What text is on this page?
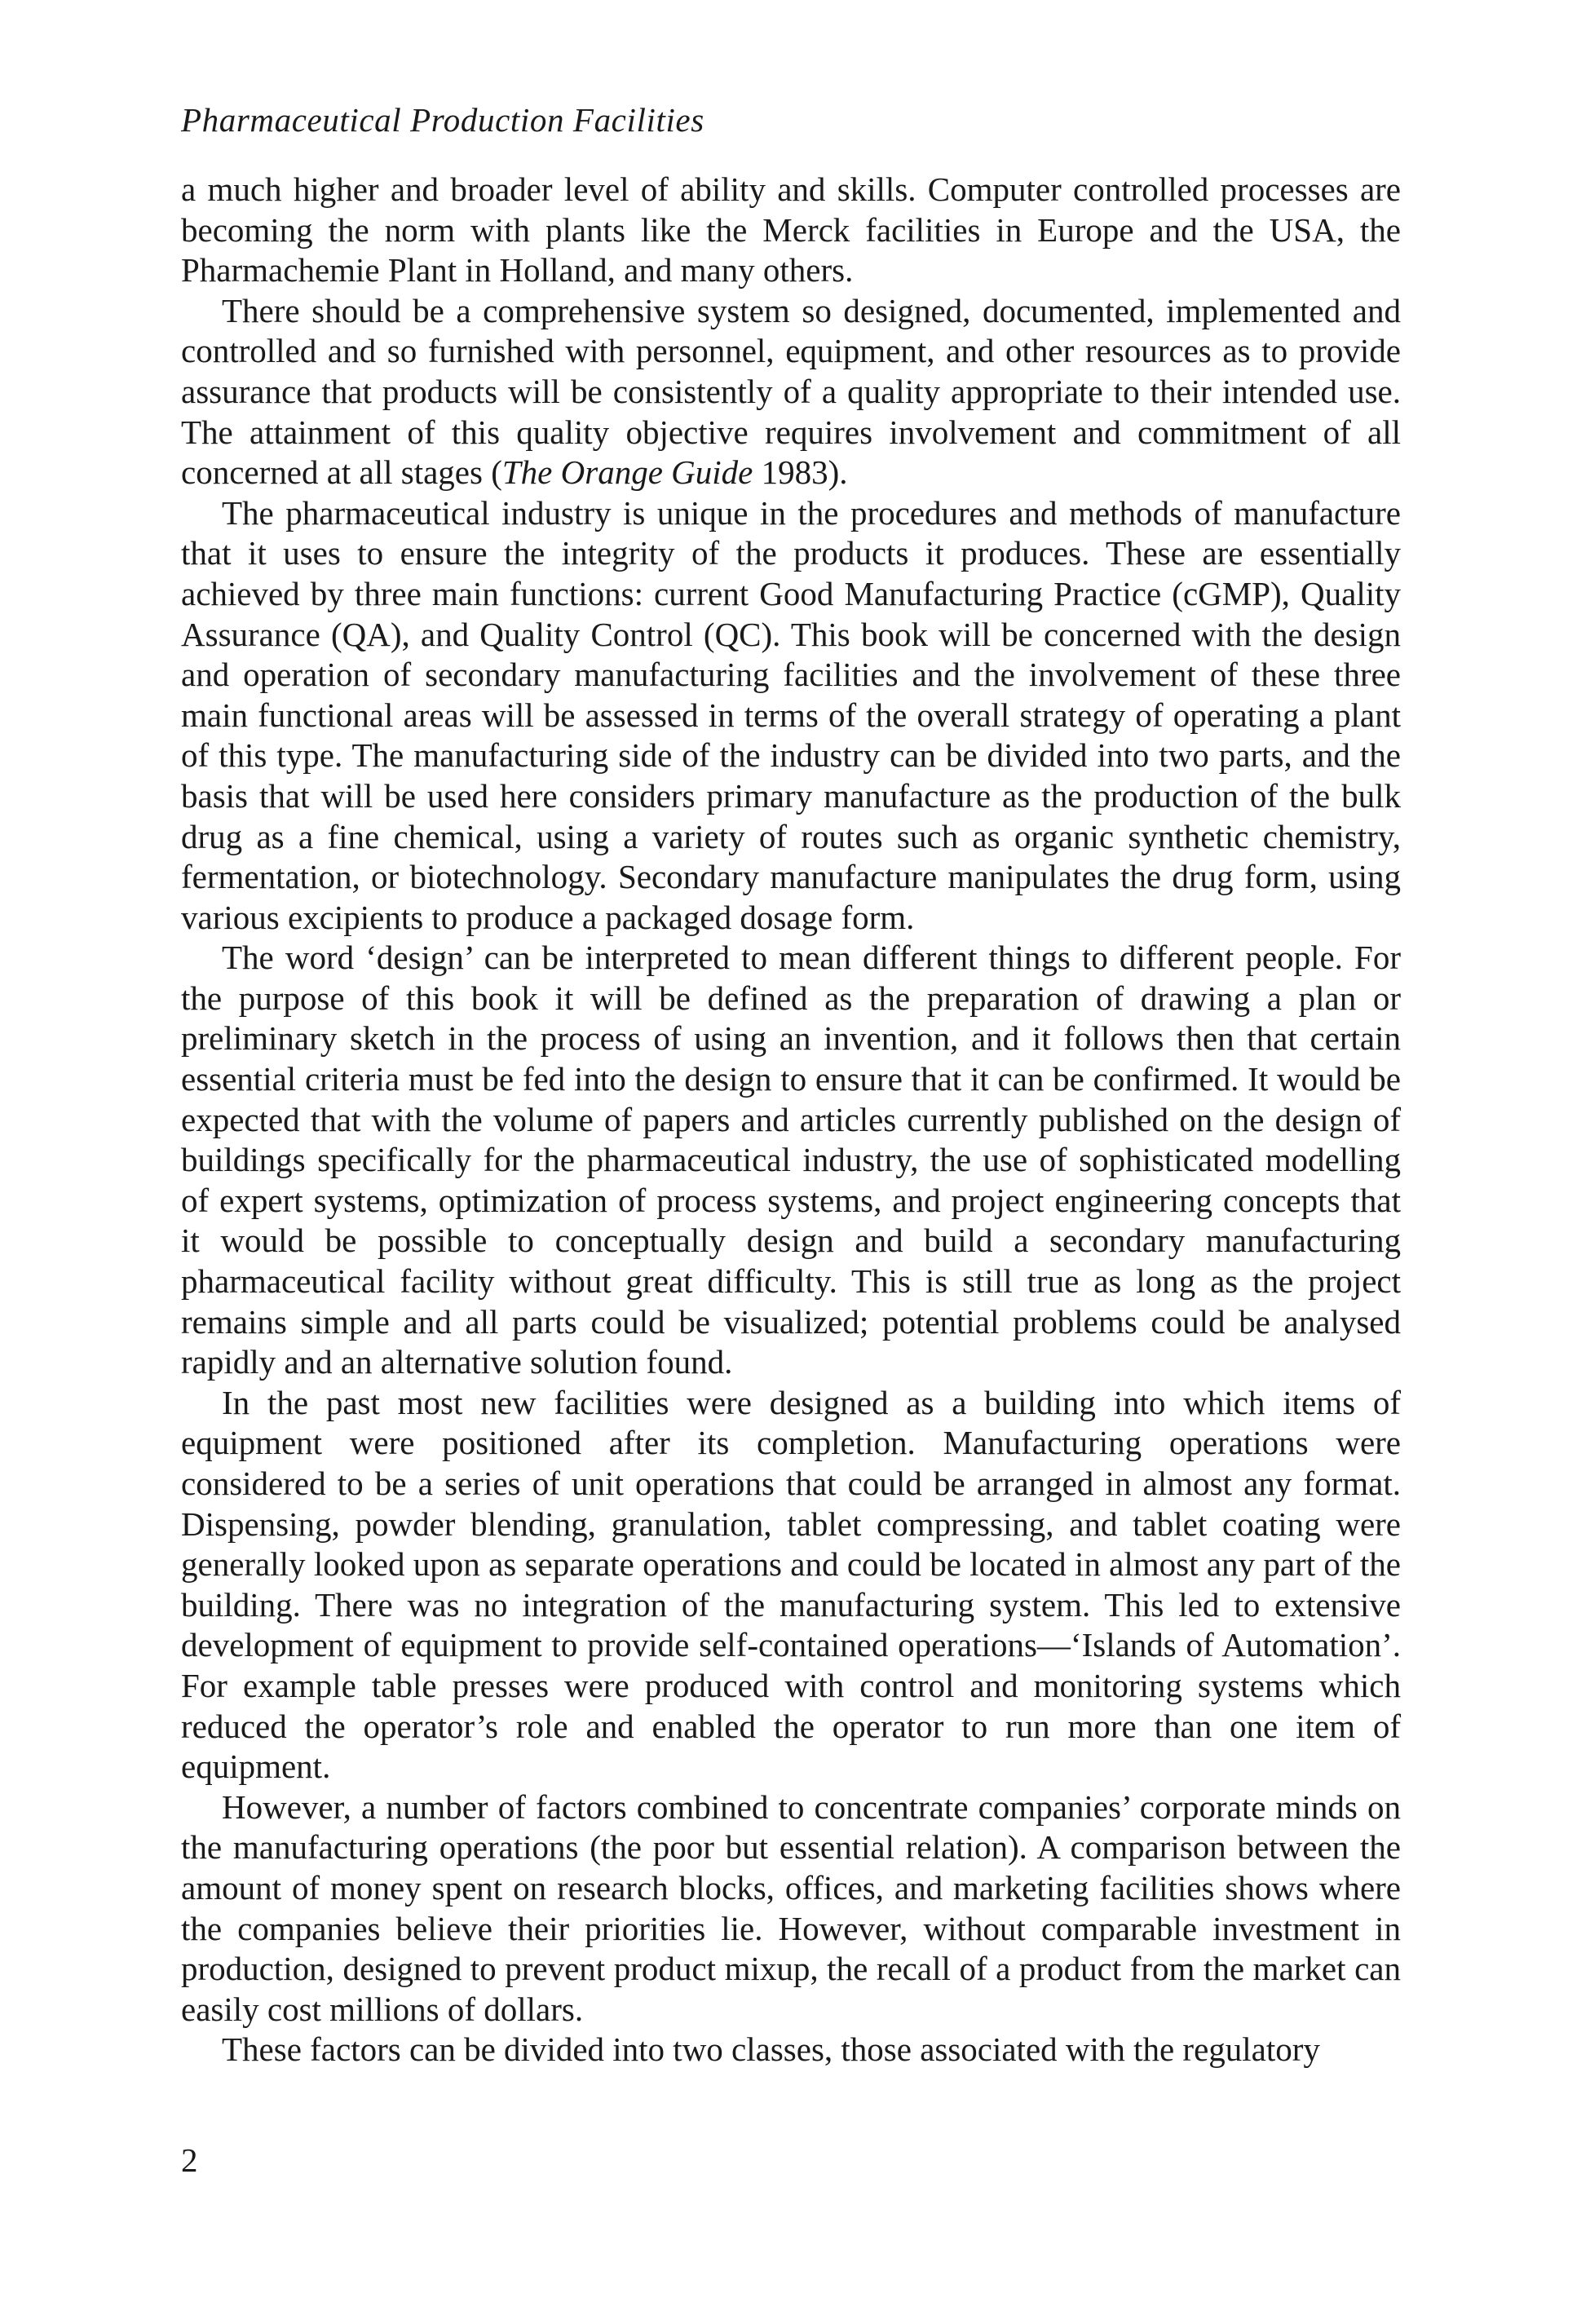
Pharmaceutical Production Facilities

a much higher and broader level of ability and skills. Computer controlled processes are becoming the norm with plants like the Merck facilities in Europe and the USA, the Pharmachemie Plant in Holland, and many others.

There should be a comprehensive system so designed, documented, implemented and controlled and so furnished with personnel, equipment, and other resources as to provide assurance that products will be consistently of a quality appropriate to their intended use. The attainment of this quality objective requires involvement and commitment of all concerned at all stages (The Orange Guide 1983).

The pharmaceutical industry is unique in the procedures and methods of manufacture that it uses to ensure the integrity of the products it produces. These are essentially achieved by three main functions: current Good Manufacturing Practice (cGMP), Quality Assurance (QA), and Quality Control (QC). This book will be concerned with the design and operation of secondary manufacturing facilities and the involvement of these three main functional areas will be assessed in terms of the overall strategy of operating a plant of this type. The manufacturing side of the industry can be divided into two parts, and the basis that will be used here considers primary manufacture as the production of the bulk drug as a fine chemical, using a variety of routes such as organic synthetic chemistry, fermentation, or biotechnology. Secondary manufacture manipulates the drug form, using various excipients to produce a packaged dosage form.

The word ‘design’ can be interpreted to mean different things to different people. For the purpose of this book it will be defined as the preparation of drawing a plan or preliminary sketch in the process of using an invention, and it follows then that certain essential criteria must be fed into the design to ensure that it can be confirmed. It would be expected that with the volume of papers and articles currently published on the design of buildings specifically for the pharmaceutical industry, the use of sophisticated modelling of expert systems, optimization of process systems, and project engineering concepts that it would be possible to conceptually design and build a secondary manufacturing pharmaceutical facility without great difficulty. This is still true as long as the project remains simple and all parts could be visualized; potential problems could be analysed rapidly and an alternative solution found.

In the past most new facilities were designed as a building into which items of equipment were positioned after its completion. Manufacturing operations were considered to be a series of unit operations that could be arranged in almost any format. Dispensing, powder blending, granulation, tablet compressing, and tablet coating were generally looked upon as separate operations and could be located in almost any part of the building. There was no integration of the manufacturing system. This led to extensive development of equipment to provide self-contained operations—‘Islands of Automation’. For example table presses were produced with control and monitoring systems which reduced the operator’s role and enabled the operator to run more than one item of equipment.

However, a number of factors combined to concentrate companies’ corporate minds on the manufacturing operations (the poor but essential relation). A comparison between the amount of money spent on research blocks, offices, and marketing facilities shows where the companies believe their priorities lie. However, without comparable investment in production, designed to prevent product mixup, the recall of a product from the market can easily cost millions of dollars.

These factors can be divided into two classes, those associated with the regulatory

2
